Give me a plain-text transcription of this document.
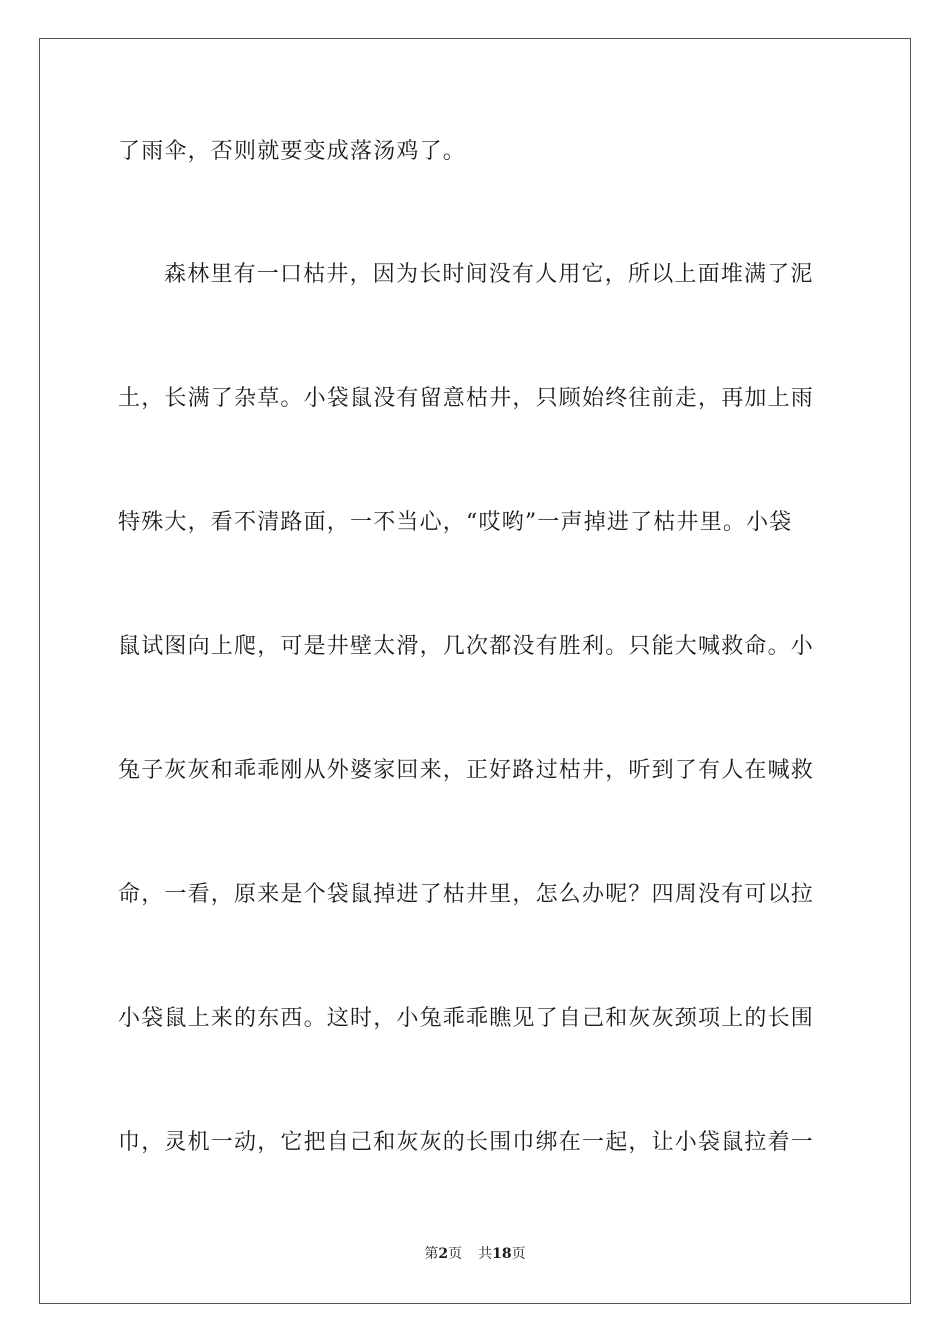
了雨伞，否则就要变成落汤鸡了。
森林里有一口枯井，因为长时间没有人用它，所以上面堆满了泥
土，长满了杂草。小袋鼠没有留意枯井，只顾始终往前走，再加上雨
特殊大，看不清路面，一不当心，“哎哟”一声掉进了枯井里。小袋
鼠试图向上爬，可是井壁太滑，几次都没有胜利。只能大喊救命。小
兔子灰灰和乖乖刚从外婆家回来，正好路过枯井，听到了有人在喊救
命，一看，原来是个袋鼠掉进了枯井里，怎么办呢？四周没有可以拉
小袋鼠上来的东西。这时，小兔乖乖瞧见了自己和灰灰颈项上的长围
巾，灵机一动，它把自己和灰灰的长围巾绑在一起，让小袋鼠拉着一
第2页 共18页
